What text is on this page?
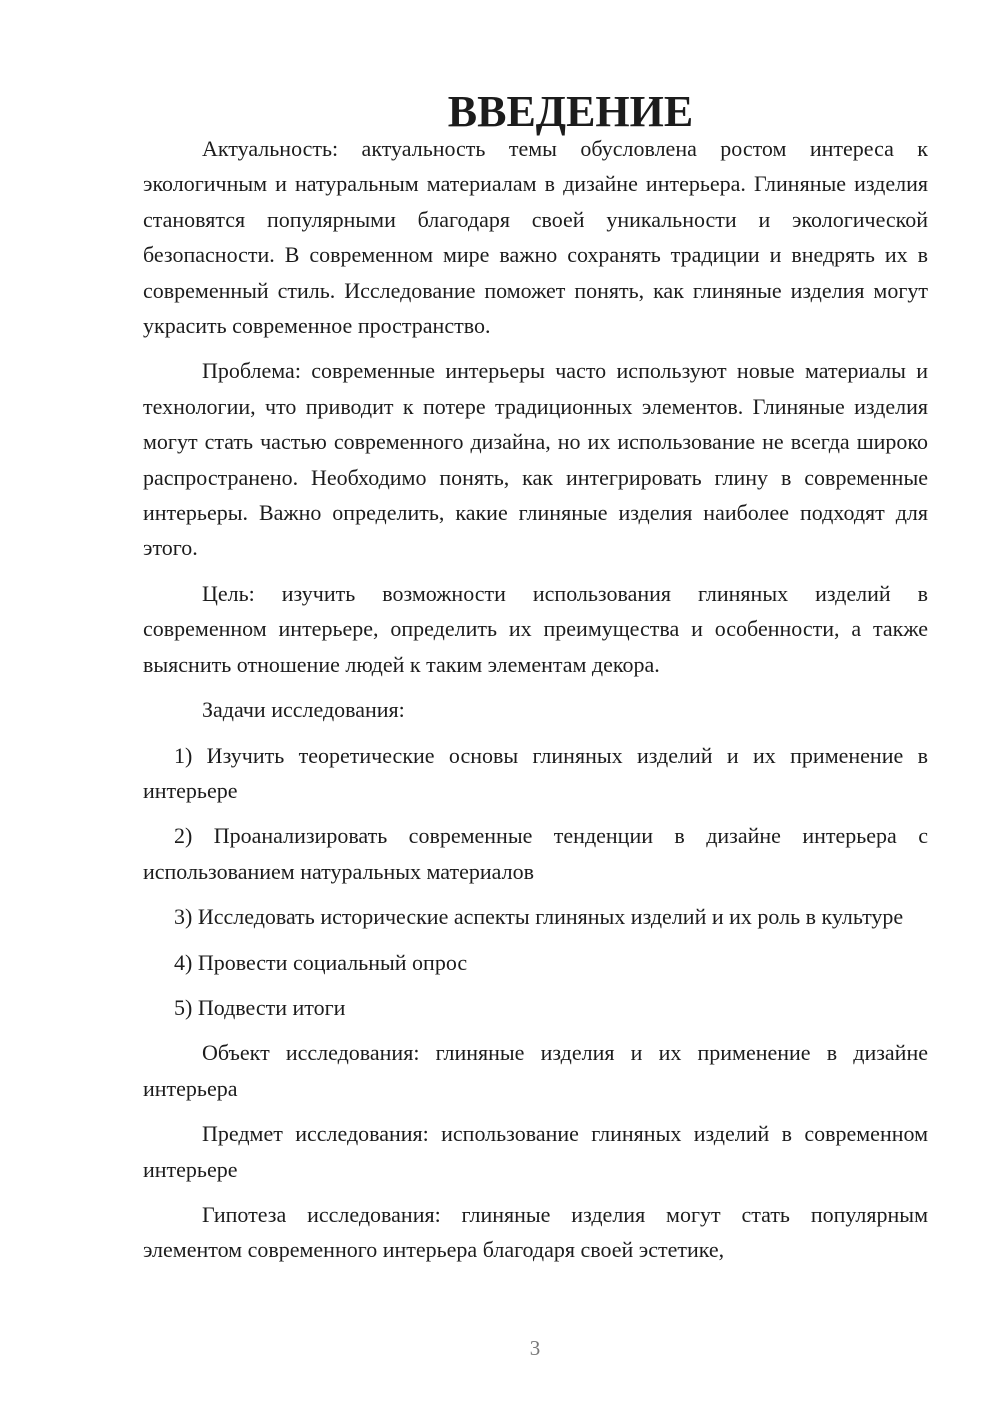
ВВЕДЕНИЕ

Актуальность: актуальность темы обусловлена ростом интереса к экологичным и натуральным материалам в дизайне интерьера. Глиняные изделия становятся популярными благодаря своей уникальности и экологической безопасности. В современном мире важно сохранять традиции и внедрять их в современный стиль. Исследование поможет понять, как глиняные изделия могут украсить современное пространство.

Проблема: современные интерьеры часто используют новые материалы и технологии, что приводит к потере традиционных элементов. Глиняные изделия могут стать частью современного дизайна, но их использование не всегда широко распространено. Необходимо понять, как интегрировать глину в современные интерьеры. Важно определить, какие глиняные изделия наиболее подходят для этого.

Цель: изучить возможности использования глиняных изделий в современном интерьере, определить их преимущества и особенности, а также выяснить отношение людей к таким элементам декора.

Задачи исследования:

1) Изучить теоретические основы глиняных изделий и их применение в интерьере

2) Проанализировать современные тенденции в дизайне интерьера с использованием натуральных материалов

3) Исследовать исторические аспекты глиняных изделий и их роль в культуре

4) Провести социальный опрос

5) Подвести итоги

Объект исследования: глиняные изделия и их применение в дизайне интерьера

Предмет исследования: использование глиняных изделий в современном интерьере

Гипотеза исследования: глиняные изделия могут стать популярным элементом современного интерьера благодаря своей эстетике,

3
